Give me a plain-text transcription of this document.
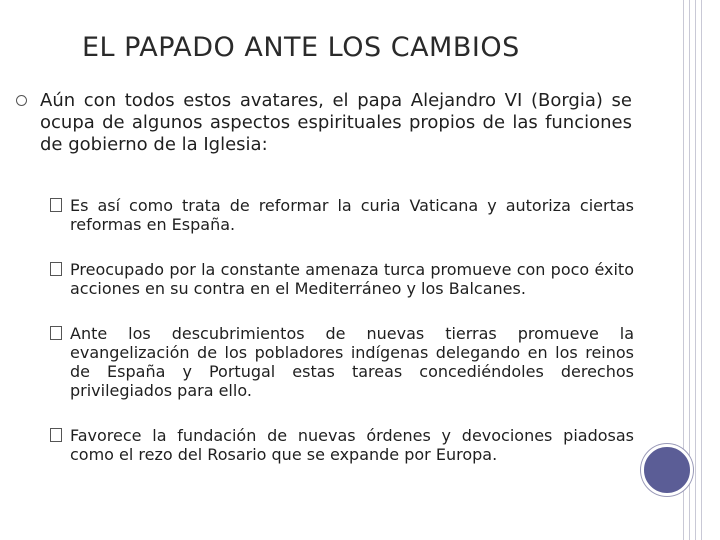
EL PAPADO ANTE LOS CAMBIOS
Aún con todos estos avatares, el papa Alejandro VI (Borgia) se ocupa de algunos aspectos espirituales propios de las funciones de gobierno de la Iglesia:
Es así como trata de reformar la curia Vaticana y autoriza ciertas reformas en España.
Preocupado por la constante amenaza turca promueve con poco éxito acciones en su contra en el Mediterráneo y los Balcanes.
Ante los descubrimientos de nuevas tierras promueve la evangelización de los pobladores indígenas delegando en los reinos de España y Portugal estas tareas concediéndoles derechos privilegiados para ello.
Favorece la fundación de nuevas órdenes y devociones piadosas como el rezo del Rosario que se expande por Europa.
